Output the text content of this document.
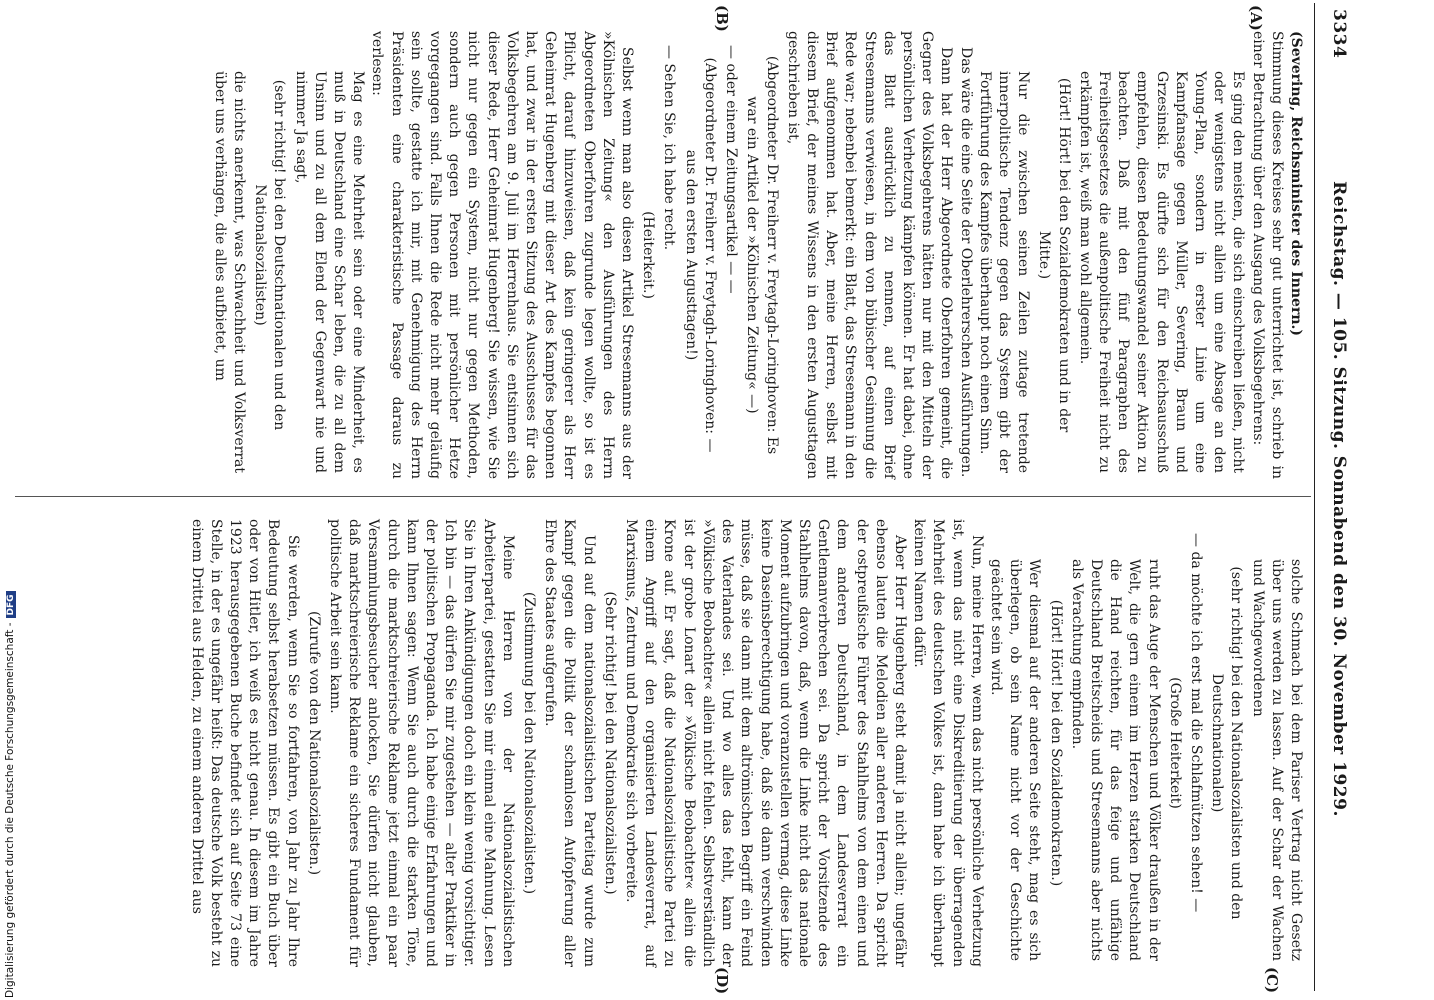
3334
Reichstag. — 105. Sitzung. Sonnabend den 30. November 1929.
(A)
(B)
(C)
(D)

(Severing, Reichsminister des Innern.)

Stimmung dieses Kreises sehr gut unterrichtet ist, schrieb in einer Betrachtung über den Ausgang des Volksbegehrens:

Es ging den meisten, die sich einschreiben ließen, nicht oder wenigstens nicht allein um eine Absage an den Young-Plan, sondern in erster Linie um eine Kampfansage gegen Müller, Severing, Braun und Grzesinski. Es dürfte sich für den Reichsausschuß empfehlen, diesen Bedeutungswandel seiner Aktion zu beachten. Daß mit den fünf Paragraphen des Freiheitsgesetzes die außenpolitische Freiheit nicht zu erkämpfen ist, weiß man wohl allgemein.

(Hört! Hört! bei den Sozialdemokraten und in der Mitte.)

Nur die zwischen seinen Zeilen zutage tretende innerpolitische Tendenz gegen das System gibt der Fortführung des Kampfes überhaupt noch einen Sinn.

Das wäre die eine Seite der Oberlehrerschen Ausführungen.

Dann hat der Herr Abgeordnete Oberfohren gemeint, die Gegner des Volksbegehrens hätten nur mit den Mitteln der persönlichen Verhetzung kämpfen können. Er hat dabei, ohne das Blatt ausdrücklich zu nennen, auf einen Brief Stresemanns verwiesen, in dem von bübischer Gesinnung die Rede war; nebenbei bemerkt: ein Blatt, das Stresemann in den Brief aufgenommen hat. Aber, meine Herren, selbst mit diesem Brief, der meines Wissens in den ersten Augusttagen geschrieben ist,

(Abgeordneter Dr. Freiherr v. Freytagh-Loringhoven: Es war ein Artikel der »Kölnischen Zeitung« —)

— oder einem Zeitungsartikel — —

(Abgeordneter Dr. Freiherr v. Freytagh-Loringhoven: — aus den ersten Augusttagen!)

— Sehen Sie, ich habe recht.

(Heiterkeit.)

Selbst wenn man also diesen Artikel Stresemanns aus der »Kölnischen Zeitung« den Ausführungen des Herrn Abgeordneten Oberfohren zugrunde legen wollte, so ist es Pflicht, darauf hinzuweisen, daß kein geringerer als Herr Geheimrat Hugenberg mit dieser Art des Kampfes begonnen hat, und zwar in der ersten Sitzung des Ausschusses für das Volksbegehren am 9. Juli im Herrenhaus. Sie entsinnen sich dieser Rede, Herr Geheimrat Hugenberg! Sie wissen, wie Sie nicht nur gegen ein System, nicht nur gegen Methoden, sondern auch gegen Personen mit persönlicher Hetze vorgegangen sind. Falls Ihnen die Rede nicht mehr geläufig sein sollte, gestatte ich mir, mit Genehmigung des Herrn Präsidenten eine charakteristische Passage daraus zu verlesen:

Mag es eine Mehrheit sein oder eine Minderheit, es muß in Deutschland eine Schar leben, die zu all dem Unsinn und zu all dem Elend der Gegenwart nie und nimmer Ja sagt,

(sehr richtig! bei den Deutschnationalen und den Nationalsozialisten)

die nichts anerkennt, was Schwachheit und Volksverrat über uns verhängen, die alles aufbietet, um

solche Schmach bei dem Pariser Vertrag nicht Gesetz über uns werden zu lassen. Auf der Schar der Wachen und Wachgewordenen

(sehr richtig! bei den Nationalsozialisten und den Deutschnationalen)

— da möchte ich erst mal die Schlafmützen sehen! —

(Große Heiterkeit)

ruht das Auge der Menschen und Völker draußen in der Welt, die gern einem im Herzen starken Deutschland die Hand reichten, für das feige und unfähige Deutschland Breitscheids und Stresemanns aber nichts als Verachtung empfinden.

(Hört! Hört! bei den Sozialdemokraten.)

Wer diesmal auf der anderen Seite steht, mag es sich überlegen, ob sein Name nicht vor der Geschichte geächtet sein wird.

Nun, meine Herren, wenn das nicht persönliche Verhetzung ist, wenn das nicht eine Diskreditierung der überragenden Mehrheit des deutschen Volkes ist, dann habe ich überhaupt keinen Namen dafür.

Aber Herr Hugenberg steht damit ja nicht allein; ungefähr ebenso lauten die Melodien aller anderen Herren. Da spricht der ostpreußische Führer des Stahlhelms von dem einen und dem anderen Deutschland, in dem Landesverrat ein Gentlemanverbrechen sei. Da spricht der Vorsitzende des Stahlhelms davon, daß, wenn die Linke nicht das nationale Moment aufzubringen und voranzustellen vermag, diese Linke keine Daseinsberechtigung habe, daß sie dann verschwinden müsse, daß sie dann mit dem altrömischen Begriff ein Feind des Vaterlandes sei. Und wo alles das fehlt, kann der »Völkische Beobachter« allein nicht fehlen. Selbstverständlich ist der grobe Lonart der »Völkische Beobachter« allein die Krone auf. Er sagt, daß die Nationalsozialistische Partei zu einem Angriff auf den organisierten Landesverrat, auf Marxismus, Zentrum und Demokratie sich vorbereite.

(Sehr richtig! bei den Nationalsozialisten.)

Und auf dem nationalsozialistischen Parteitag wurde zum Kampf gegen die Politik der schamlosen Aufopferung aller Ehre des Staates aufgerufen.

(Zustimmung bei den Nationalsozialisten.)

Meine Herren von der Nationalsozialistischen Arbeiterpartei, gestatten Sie mir einmal eine Mahnung. Lesen Sie in Ihren Ankündigungen doch ein klein wenig vorsichtiger. Ich bin — das dürfen Sie mir zugestehen — alter Praktiker in der politischen Propaganda. Ich habe einige Erfahrungen und kann Ihnen sagen: Wenn Sie auch durch die starken Töne, durch die marktschreierische Reklame jetzt einmal ein paar Versammlungsbesucher anlocken, Sie dürfen nicht glauben, daß marktschreierische Reklame ein sicheres Fundament für politische Arbeit sein kann.

(Zurufe von den Nationalsozialisten.)

Sie werden, wenn Sie so fortfahren, von Jahr zu Jahr Ihre Bedeutung selbst herabsetzen müssen. Es gibt ein Buch über oder von Hitler, ich weiß es nicht genau. In diesem im Jahre 1923 herausgegebenen Buche befindet sich auf Seite 73 eine Stelle, in der es ungefähr heißt: Das deutsche Volk besteht zu einem Drittel aus Helden, zu einem anderen Drittel aus

Digitalisierung gefördert durch die Deutsche Forschungsgemeinschaft -DFG
